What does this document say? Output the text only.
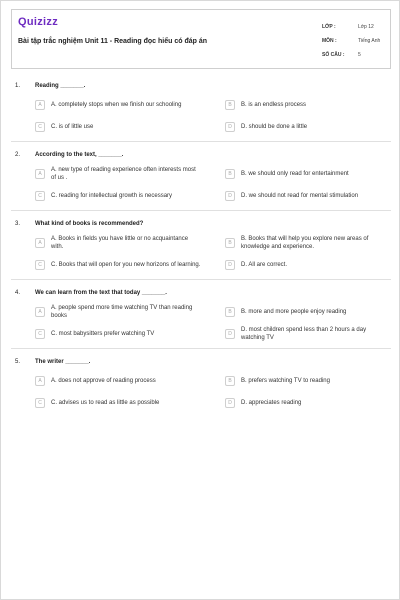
Quizizz
Bài tập trắc nghiệm Unit 11 - Reading đọc hiểu có đáp án
LỚP :	Lớp 12
MÔN :	Tiếng Anh
SỐ CÂU :	5
1.	Reading _______.
A	A. completely stops when we finish our schooling	B	B. is an endless process
C	C. is of little use	D	D. should be done a little
2.	According to the text, _______.
A
A. new type of reading experience often interests most of us .
B	B. we should only read for entertainment
C	C. reading for intellectual growth is necessary	D	D. we should not read for mental stimulation
3.	What kind of books is recommended?
A
A. Books in fields you have little or no acquaintance with.
B
B. Books that will help you explore new areas of knowledge and experience.
C	C. Books that will open for you new horizons of learning.	D	D. All are correct.
4.	We can learn from the text that today _______.
A
A. people spend more time watching TV than reading books
B	B. more and more people enjoy reading
C	C. most babysitters prefer watching TV	D
D. most children spend less than 2 hours a day watching TV
5.	The writer _______.
A	A. does not approve of reading process	B	B. prefers watching TV to reading
C	C. advises us to read as little as possible	D	D. appreciates reading
